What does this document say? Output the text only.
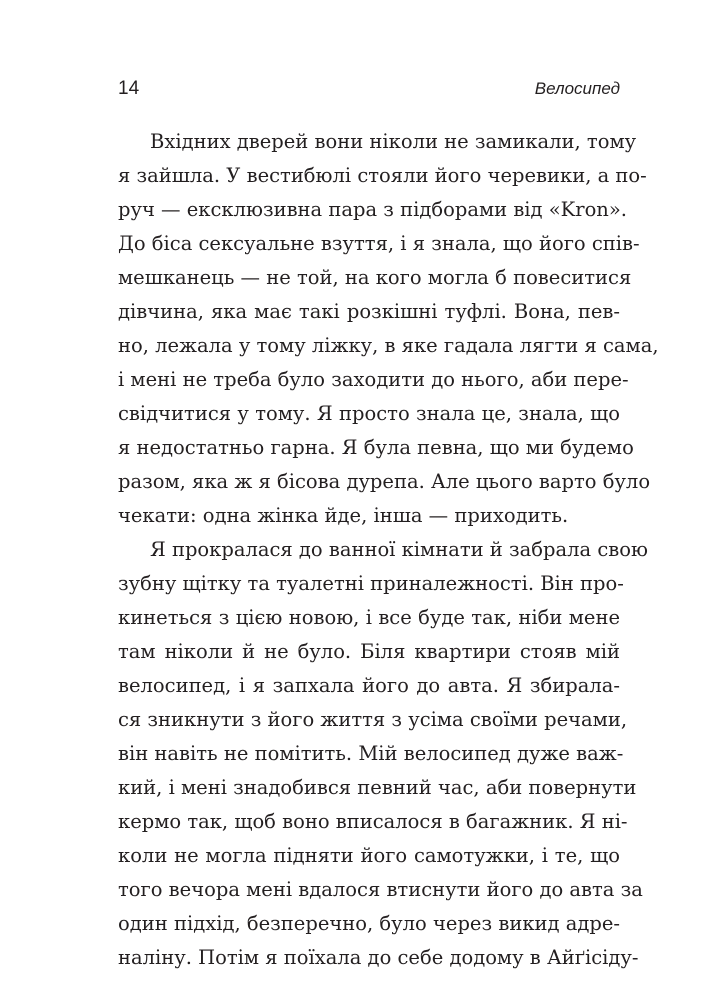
14	Велосипед
Вхідних дверей вони ніколи не замикали, тому
я зайшла. У вестибюлі стояли його черевики, а по-
руч — ексклюзивна пара з підборами від «Kron».
До біса сексуальне взуття, і я знала, що його спів-
мешканець — не той, на кого могла б повеситися
дівчина, яка має такі розкішні туфлі. Вона, пев-
но, лежала у тому ліжку, в яке гадала лягти я сама,
і мені не треба було заходити до нього, аби пере-
свідчитися у тому. Я просто знала це, знала, що
я недостатньо гарна. Я була певна, що ми будемо
разом, яка ж я бісова дурепа. Але цього варто було
чекати: одна жінка йде, інша — приходить.
Я прокралася до ванної кімнати й забрала свою
зубну щітку та туалетні приналежності. Він про-
кинеться з цією новою, і все буде так, ніби мене
там ніколи й не було. Біля квартири стояв мій
велосипед, і я запхала його до авта. Я збирала-
ся зникнути з його життя з усіма своїми речами,
він навіть не помітить. Мій велосипед дуже важ-
кий, і мені знадобився певний час, аби повернути
кермо так, щоб воно вписалося в багажник. Я ні-
коли не могла підняти його самотужки, і те, що
того вечора мені вдалося втиснути його до авта за
один підхід, безперечно, було через викид адре-
наліну. Потім я поїхала до себе додому в Айґісіду-
